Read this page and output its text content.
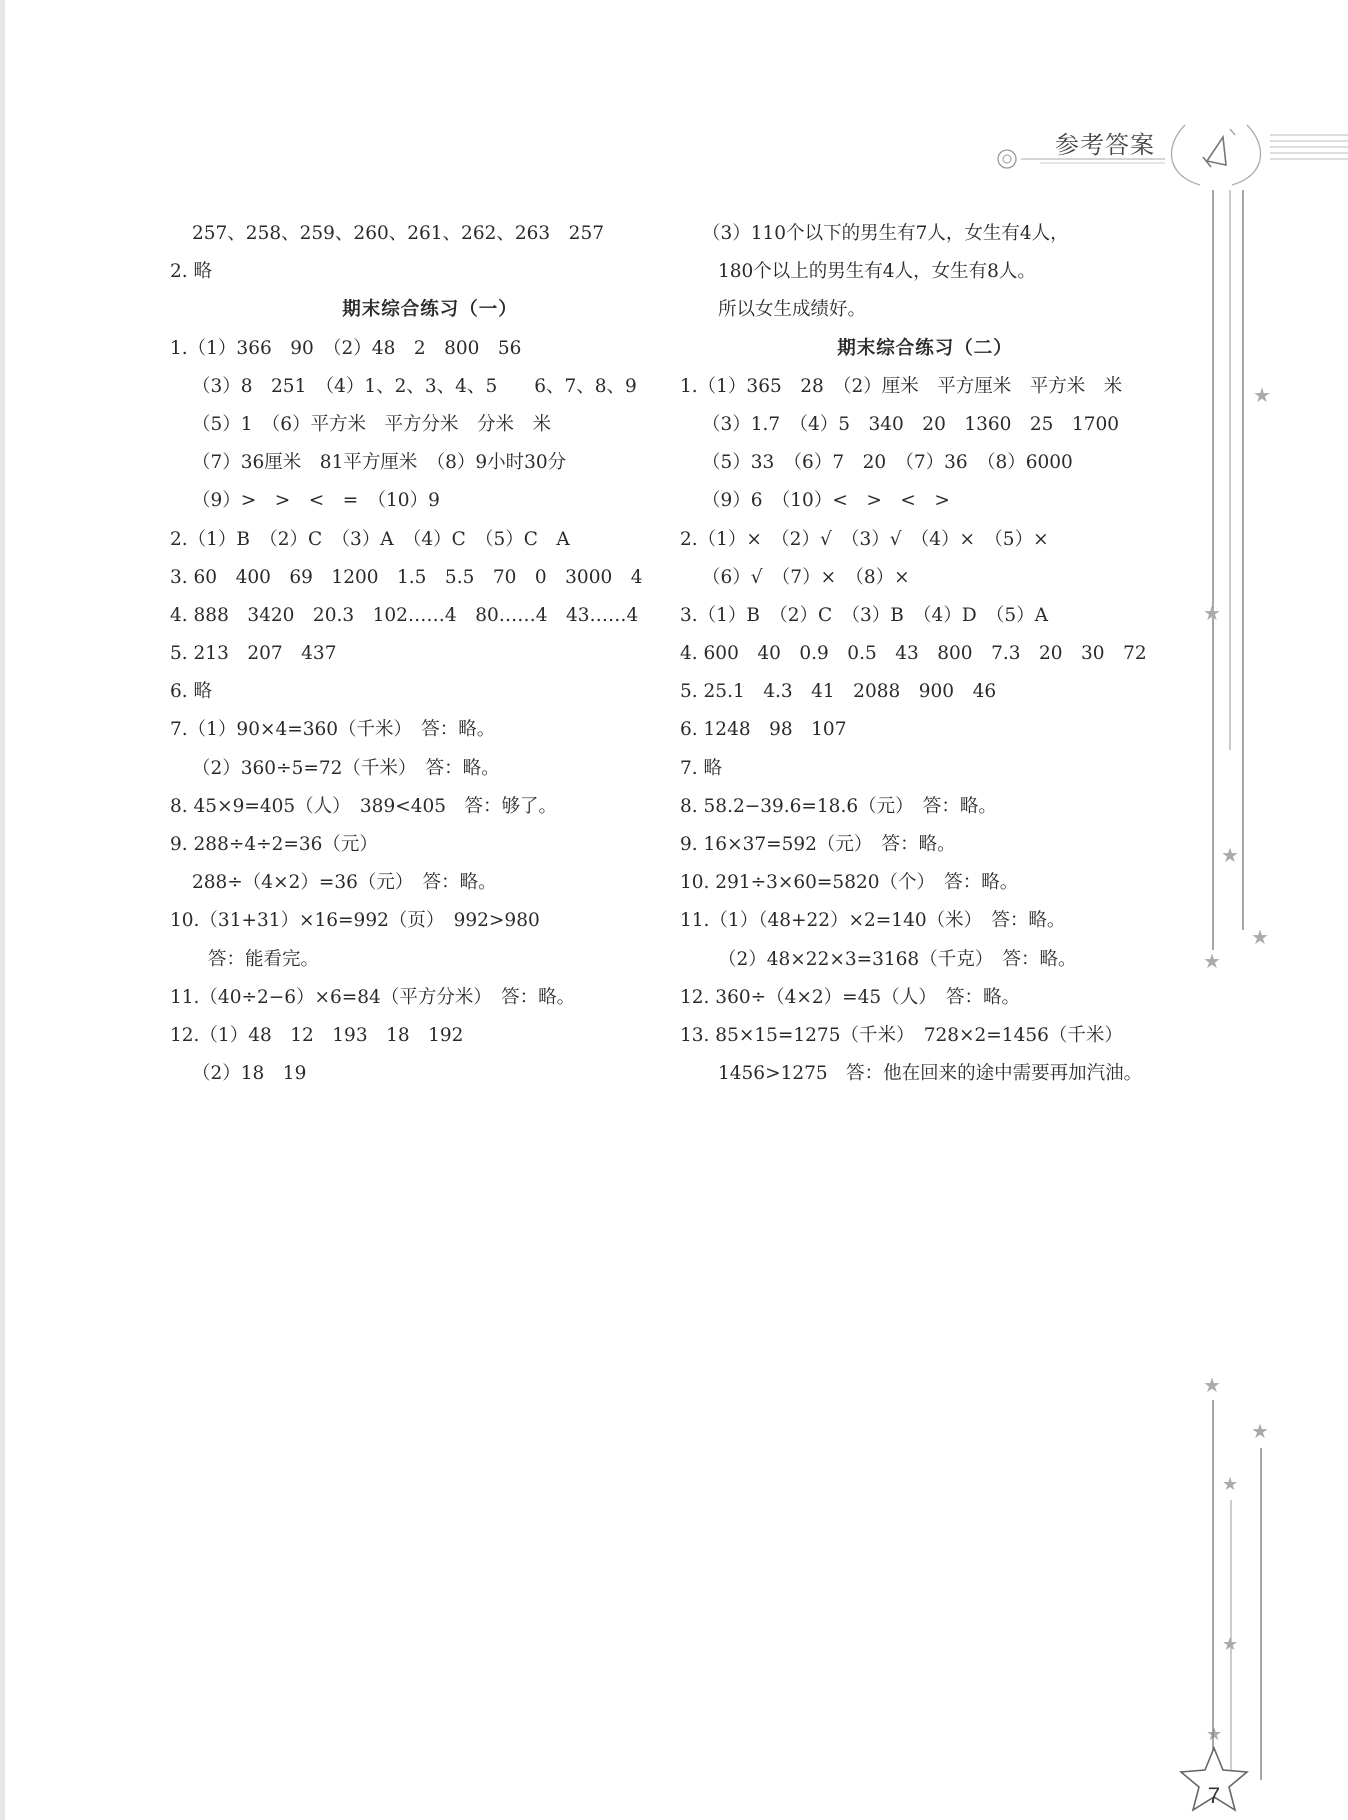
参考答案
★
★
★
★
★
★
★
★
★
★
7
257、258、259、260、261、262、263　257
2. 略
期末综合练习（一）
1.（1）366　90　（2）48　2　800　56
（3）8　251　（4）1、2、3、4、5　　6、7、8、9
（5）1　（6）平方米　平方分米　分米　米
（7）36厘米　81平方厘米　（8）9小时30分
（9）>　>　<　=　（10）9
2.（1）B　（2）C　（3）A　（4）C　（5）C　A
3. 60　400　69　1200　1.5　5.5　70　0　3000　4
4. 888　3420　20.3　102……4　80……4　43……4
5. 213　207　437
6. 略
7.（1）90×4=360（千米）　答：略。
（2）360÷5=72（千米）　答：略。
8. 45×9=405（人）　389<405　答：够了。
9. 288÷4÷2=36（元）
288÷（4×2）=36（元）　答：略。
10.（31+31）×16=992（页）　992>980
答：能看完。
11.（40÷2−6）×6=84（平方分米）　答：略。
12.（1）48　12　193　18　192
（2）18　19
（3）110个以下的男生有7人，女生有4人，
180个以上的男生有4人，女生有8人。
所以女生成绩好。
期末综合练习（二）
1.（1）365　28　（2）厘米　平方厘米　平方米　米
（3）1.7　（4）5　340　20　1360　25　1700
（5）33　（6）7　20　（7）36　（8）6000
（9）6　（10）<　>　<　>
2.（1）×　（2）√　（3）√　（4）×　（5）×
（6）√　（7）×　（8）×
3.（1）B　（2）C　（3）B　（4）D　（5）A
4. 600　40　0.9　0.5　43　800　7.3　20　30　72
5. 25.1　4.3　41　2088　900　46
6. 1248　98　107
7. 略
8. 58.2−39.6=18.6（元）　答：略。
9. 16×37=592（元）　答：略。
10. 291÷3×60=5820（个）　答：略。
11.（1）（48+22）×2=140（米）　答：略。
（2）48×22×3=3168（千克）　答：略。
12. 360÷（4×2）=45（人）　答：略。
13. 85×15=1275（千米）　728×2=1456（千米）
1456>1275　答：他在回来的途中需要再加汽油。
